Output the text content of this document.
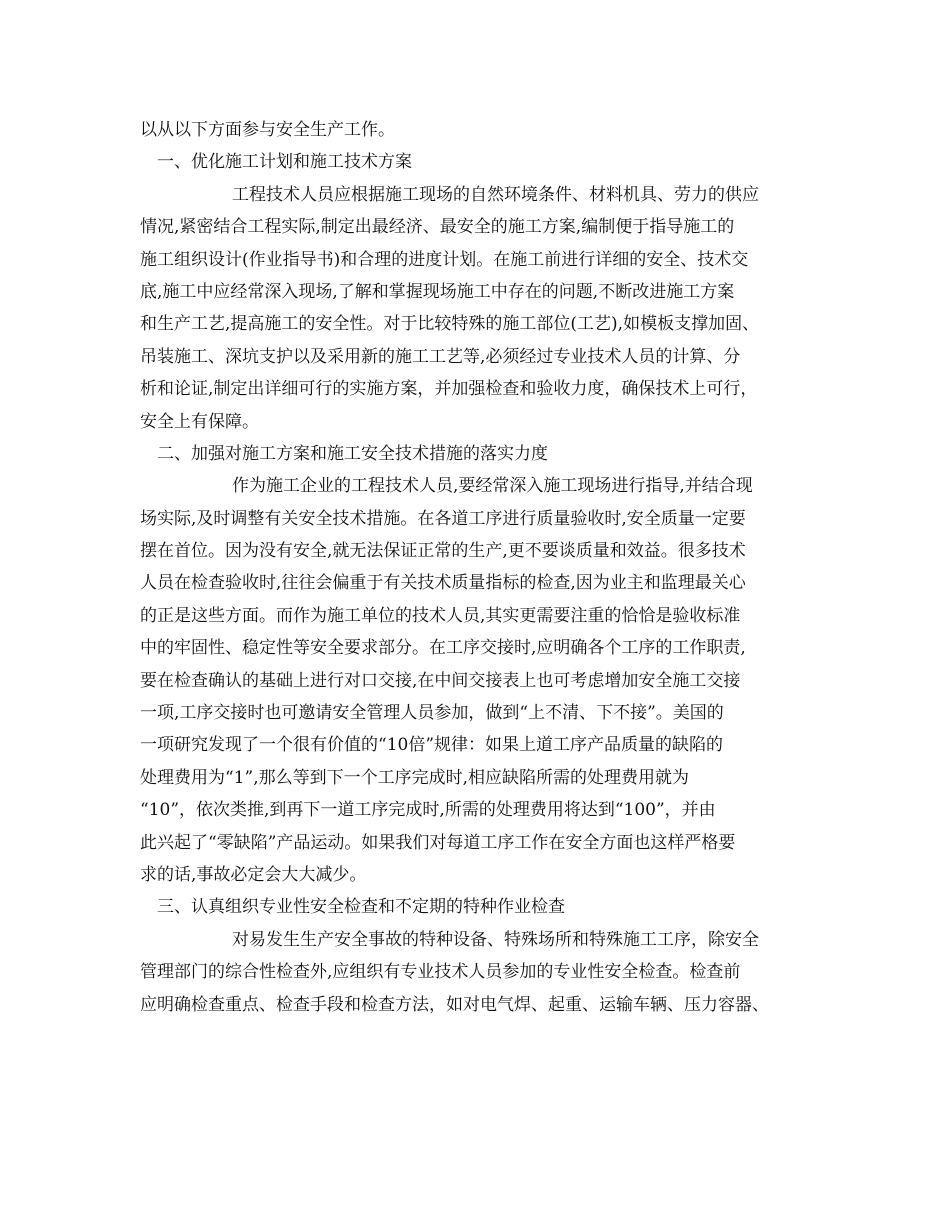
以从以下方面参与安全生产工作。

一、优化施工计划和施工技术方案

工程技术人员应根据施工现场的自然环境条件、材料机具、劳力的供应
情况,紧密结合工程实际,制定出最经济、最安全的施工方案,编制便于指导施工的
施工组织设计(作业指导书)和合理的进度计划。在施工前进行详细的安全、技术交
底,施工中应经常深入现场,了解和掌握现场施工中存在的问题,不断改进施工方案
和生产工艺,提高施工的安全性。对于比较特殊的施工部位(工艺),如模板支撑加固、
吊装施工、深坑支护以及采用新的施工工艺等,必须经过专业技术人员的计算、分
析和论证,制定出详细可行的实施方案，并加强检查和验收力度，确保技术上可行，
安全上有保障。

二、加强对施工方案和施工安全技术措施的落实力度

作为施工企业的工程技术人员,要经常深入施工现场进行指导,并结合现
场实际,及时调整有关安全技术措施。在各道工序进行质量验收时,安全质量一定要
摆在首位。因为没有安全,就无法保证正常的生产,更不要谈质量和效益。很多技术
人员在检查验收时,往往会偏重于有关技术质量指标的检查,因为业主和监理最关心
的正是这些方面。而作为施工单位的技术人员,其实更需要注重的恰恰是验收标准
中的牢固性、稳定性等安全要求部分。在工序交接时,应明确各个工序的工作职责,
要在检查确认的基础上进行对口交接,在中间交接表上也可考虑增加安全施工交接
一项,工序交接时也可邀请安全管理人员参加，做到“上不清、下不接”。美国的
一项研究发现了一个很有价值的“10倍”规律：如果上道工序产品质量的缺陷的
处理费用为“1”,那么等到下一个工序完成时,相应缺陷所需的处理费用就为
“10”，依次类推,到再下一道工序完成时,所需的处理费用将达到“100”，并由
此兴起了“零缺陷”产品运动。如果我们对每道工序工作在安全方面也这样严格要
求的话,事故必定会大大减少。

三、认真组织专业性安全检查和不定期的特种作业检查

对易发生生产安全事故的特种设备、特殊场所和特殊施工工序，除安全
管理部门的综合性检查外,应组织有专业技术人员参加的专业性安全检查。检查前
应明确检查重点、检查手段和检查方法，如对电气焊、起重、运输车辆、压力容器、
